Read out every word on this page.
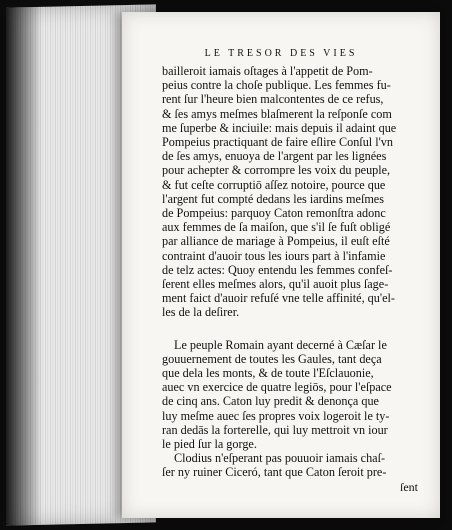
LE TRESOR DES VIES
bailleroit iamais oſtages à l'appetit de Pom-
peius contre la choſe publique. Les femmes fu-
rent ſur l'heure bien malcontentes de ce refus,
& ſes amys meſmes blaſmerent la reſponſe com
me ſuperbe & inciuile: mais depuis il adaint que
Pompeius practiquant de faire eſlire Conſul l'vn
de ſes amys, enuoya de l'argent par les lignées
pour achepter & corrompre les voix du peuple,
& fut ceſte corruptiō aſſez notoire, pource que
l'argent fut compté dedans les iardins meſmes
de Pompeius: parquoy Caton remonſtra adonc
aux femmes de ſa maiſon, que s'il ſe fuſt obligé
par alliance de mariage à Pompeius, il euſt eſté
contraint d'auoir tous les iours part à l'infamie
de telz actes: Quoy entendu les femmes confeſ-
ſerent elles meſmes alors, qu'il auoit plus ſage-
ment faict d'auoir refuſé vne telle affinité, qu'el-
les de la deſirer.
Le peuple Romain ayant decerné à Cæſar le
gouuernement de toutes les Gaules, tant deça
que dela les monts, & de toute l'Eſclauonie,
auec vn exercice de quatre legiōs, pour l'eſpace
de cinq ans. Caton luy predit & denonça que
luy meſme auec ſes propres voix logeroit le ty-
ran dedās la forterelle, qui luy mettroit vn iour
le pied ſur la gorge.
Clodius n'eſperant pas pouuoir iamais chaſ-
ſer ny ruiner Ciceró, tant que Caton ſeroit pre-
ſent
